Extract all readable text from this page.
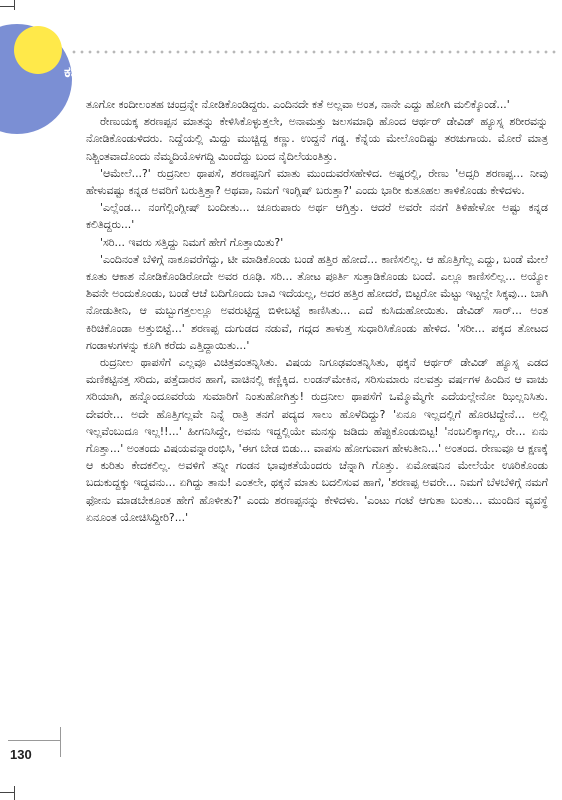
ಕತೆ

ತೂಗೋ ಕಂದೀಲಂತಹ ಚಂದ್ರನ್ನೇ ನೋಡಿಕೊಂಡಿದ್ದರು. ಎಂದಿನದೇ ಕತೆ ಅಲ್ಲವಾ ಅಂತ, ನಾನೇ ಎದ್ದು ಹೋಗಿ ಮಲಿಕ್ಕೊಂಡೆ...'

ರೇಣುಯಕ್ಕ ಶರಣಪ್ಪನ ಮಾತನ್ನು ಕೇಳಿಸಿಕೊಳ್ಳುತ್ತಲೇ, ಅನಾಮತ್ತು ಜಲಸಮಾಧಿ ಹೊಂದ ಆರ್ಥರ್ ಡೇವಿಡ್ ಹ್ಯೂಸ್ನ ಶರೀರವನ್ನು ನೋಡಿಕೊಂಡುಳಿದರು. ನಿದ್ದೆಯಲ್ಲಿ ಮಿದ್ದು ಮುಚ್ಚಿದ್ದ ಕಣ್ಣು. ಉದ್ದನೆ ಗಡ್ಡ. ಕೆನ್ನೆಯ ಮೇಲೊಂದಿಷ್ಟು ತರಚುಗಾಯ. ಮೋರೆ ಮಾತ್ರ ನಿಶ್ಚಿಂತವಾದೊಂದು ನೆಮ್ಮದಿಯೊಳಗದ್ದಿ ಮಿಂದೆದ್ದು ಬಂದ ನೈದಿಲೆಯಂತಿತ್ತು.

'ಆಮೇಲೆ...?' ರುದ್ರನೀಲ ಥಾಪಸೆ, ಶರಣಪ್ಪನಿಗೆ ಮಾತು ಮುಂದುವರೆಸಹೇಳಿದ. ಅಷ್ಟರಲ್ಲಿ, ರೇಣು 'ಅದ್ಸರಿ ಶರಣಪ್ಪ... ನೀವು ಹೇಳುವಷ್ಟು ಕನ್ನಡ ಅವರಿಗೆ ಬರುತ್ತಿತ್ತಾ? ಅಥವಾ, ನಿಮಗೆ ಇಂಗ್ಲಿಷ್ ಬರುತ್ತಾ?' ಎಂದು ಭಾರೀ ಕುತೂಹಲ ತಾಳಿಕೊಂಡು ಕೇಳಿದಳು.

'ಎಲ್ಲೆಂಡ... ನಂಗೆಲ್ಲಿಂಗ್ಲೀಷ್ ಬಂದೀತು... ಚೂರುಪಾರು ಅರ್ಥ ಆಗ್ತಿತ್ತು. ಆದರೆ ಅವರೇ ನನಗೆ ತಿಳಿಹೇಳೋ ಅಷ್ಟು ಕನ್ನಡ ಕಲಿತಿದ್ದರು...'

'ಸರಿ... ಇವರು ಸತ್ತಿದ್ದು ನಿಮಗೆ ಹೇಗೆ ಗೊತ್ತಾಯಿತು?'

'ಎಂದಿನಂತೆ ಬೆಳಿಗ್ಗೆ ನಾಕೂವರೆಗೆದ್ದು, ಟೀ ಮಾಡಿಕೊಂಡು ಬಂಡೆ ಹತ್ತಿರ ಹೋದೆ... ಕಾಣಿಸಲಿಲ್ಲ. ಆ ಹೊತ್ತಿಗೆಲ್ಲ ಎದ್ದು, ಬಂಡೆ ಮೇಲೆ ಕೂತು ಆಕಾಶ ನೋಡಿಕೊಂಡಿರೋದೇ ಅವರ ರೂಢಿ. ಸರಿ... ತೋಟ ಪೂರ್ತಿ ಸುತ್ತಾಡಿಕೊಂಡು ಬಂದೆ. ಎಲ್ಲೂ ಕಾಣಿಸಲಿಲ್ಲ... ಅಯ್ಯೋ ಶಿವನೇ ಅಂದುಕೊಂಡು, ಬಂಡೆ ಆಚೆ ಬದಿಗೊಂದು ಬಾವಿ ಇದೆಯಲ್ಲ, ಅದರ ಹತ್ತಿರ ಹೋದರೆ, ಬಿಟ್ಟರೋ ಮೆಟ್ಟು ಇಟ್ಟಲ್ಲೇ ಸಿಕ್ಕವು... ಬಾಗಿ ನೋಡುತೀನಿ, ಆ ಮಬ್ಬುಗತ್ತಲಲ್ಲೂ ಅವರುಟ್ಟಿದ್ದ ಬಿಳೀಬಟ್ಟೆ ಕಾಣಿಸಿತು... ಎದೆ ಕುಸಿದುಹೋಯಿತು. ಡೇವಿಡ್ ಸಾರ್... ಅಂತ ಕಿರಿಚಿಕೊಂಡಾ ಅತ್ತುಬಿಟ್ಟೆ...' ಶರಣಪ್ಪ ದುಗುಡದ ನಡುವೆ, ಗದ್ಗದ ತಾಳುತ್ತ ಸುಧಾರಿಸಿಕೊಂಡು ಹೇಳಿದ. 'ಸರೀ... ಪಕ್ಕದ ತೋಟದ ಗಂಡಾಳುಗಳನ್ನು ಕೂಗಿ ಕರೆದು ಎತ್ತಿದ್ದಾಯಿತು...'

ರುದ್ರನೀಲ ಥಾಪಸೆಗೆ ಎಲ್ಲವೂ ವಿಚಿತ್ರವಂತನ್ನಿಸಿತು. ವಿಷಯ ನಿಗೂಢವಂತನ್ನಿಸಿತು, ಥಕ್ಕನೆ ಆರ್ಥರ್ ಡೇವಿಡ್ ಹ್ಯೂಸ್ನ ಎಡದ ಮಣಿಕಟ್ಟಿನತ್ತ ಸರಿದು, ಪತ್ತೆದಾರನ ಹಾಗೆ, ವಾಚಿನಲ್ಲಿ ಕಣ್ಣಿಕ್ಕಿದ. ಲಂಡನ್‌ಮೇಕಿನ, ಸರಿಸುಮಾರು ನಲವತ್ತು ವರ್ಷಗಳ ಹಿಂದಿನ ಆ ವಾಚು ಸರಿಯಾಗಿ, ಹನ್ನೊಂದೂವರೆಯ ಸುಮಾರಿಗೆ ನಿಂತುಹೋಗಿತ್ತು! ರುದ್ರನೀಲ ಥಾಪಸೆಗೆ ಒಮ್ಮೊಮ್ಮೆಗೇ ಎದೆಯಲ್ಲೇನೋ ಝಿಲ್ಲನಿಸಿತು. ದೇವರೇ... ಅದೇ ಹೊತ್ತಿಗಲ್ಲವೇ ನಿನ್ನೆ ರಾತ್ರಿ ತನಗೆ ಪದ್ಯದ ಸಾಲು ಹೊಳೆದಿದ್ದು? 'ಏನೂ ಇಲ್ಲದಲ್ಲಿಗೆ ಹೊರಟಿದ್ದೇನೆ... ಅಲ್ಲಿ ಇಲ್ಲವೆಂಬುದೂ ಇಲ್ಲ!!...' ಹೀಗನಿಸಿದ್ದೇ, ಅವನು ಇದ್ದಲ್ಲಿಯೇ ಮನಸ್ಸು ಜಡಿದು ಹೆಪ್ಪುಕೊಂಡುಬಿಟ್ಟ! 'ನಂಬಲಿಕ್ಕಾಗಲ್ಲ, ರೇ... ಏನು ಗೊತ್ತಾ...' ಅಂತಂದು ವಿಷಯವನ್ನಾರಂಭಿಸಿ, 'ಈಗ ಬೇಡ ಬಿಡು... ವಾಪಸು ಹೋಗುವಾಗ ಹೇಳುತೀನಿ...' ಅಂತಂದ. ರೇಣುವೂ ಆ ಕ್ಷಣಕ್ಕೆ ಆ ಕುರಿತು ಕೇದಕಲಿಲ್ಲ. ಅವಳಿಗೆ ತನ್ನೀ ಗಂಡನ ಭಾವುಕತೆಯೆಂದರು ಚೆನ್ನಾಗಿ ಗೊತ್ತು. ಏಮೋಷನಿನ ಮೇಲೆಯೇ ಊರಿಕೊಂಡು ಬದುಕುದ್ದಕ್ಕು ಇದ್ದವನು... ಏಗಿದ್ದು ತಾನು! ಎಂತಲೇ, ಥಕ್ಕನೆ ಮಾತು ಬದಲಿಸುವ ಹಾಗೆ, 'ಶರಣಪ್ಪ ಅವರೇ... ನಿಮಗೆ ಬೆಳಬೆಳಿಗ್ಗೆ ನಮಗೆ ಫೋನು ಮಾಡಬೇಕೂಂತ ಹೇಗೆ ಹೊಳೀತು?' ಎಂದು ಶರಣಪ್ಪನನ್ನು ಕೇಳಿದಳು. 'ಎಂಟು ಗಂಟೆ ಆಗುತಾ ಬಂತು... ಮುಂದಿನ ವ್ಯವಸ್ಥೆ ಏನೂಂತ ಯೋಚಿಸಿದ್ದೀರಿ?...'

130
